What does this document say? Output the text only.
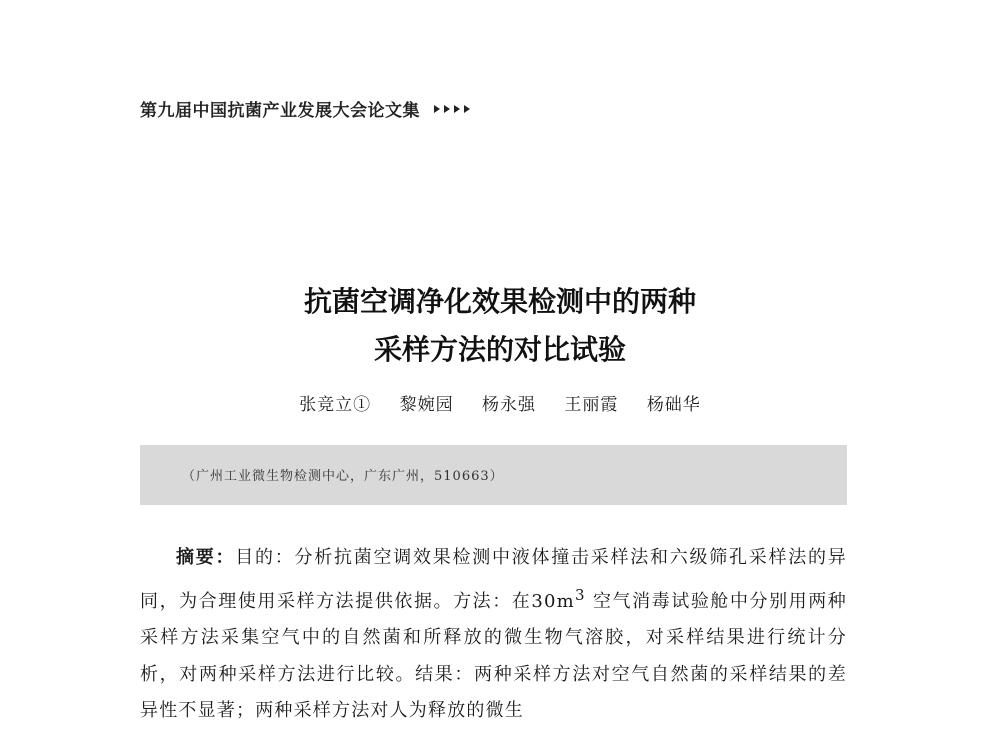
第九届中国抗菌产业发展大会论文集
抗菌空调净化效果检测中的两种
采样方法的对比试验
张竞立① 黎婉园 杨永强 王丽霞 杨础华
（广州工业微生物检测中心，广东广州，510663）

摘要：目的：分析抗菌空调效果检测中液体撞击采样法和六级筛孔采样法的异同，为合理使用采样方法提供依据。方法：在$30m^3$ 空气消毒试验舱中分别用两种采样方法采集空气中的自然菌和所释放的微生物气溶胶，对采样结果进行统计分析，对两种采样方法进行比较。结果：两种采样方法对空气自然菌的采样结果的差异性不显著；两种采样方法对人为释放的微生
